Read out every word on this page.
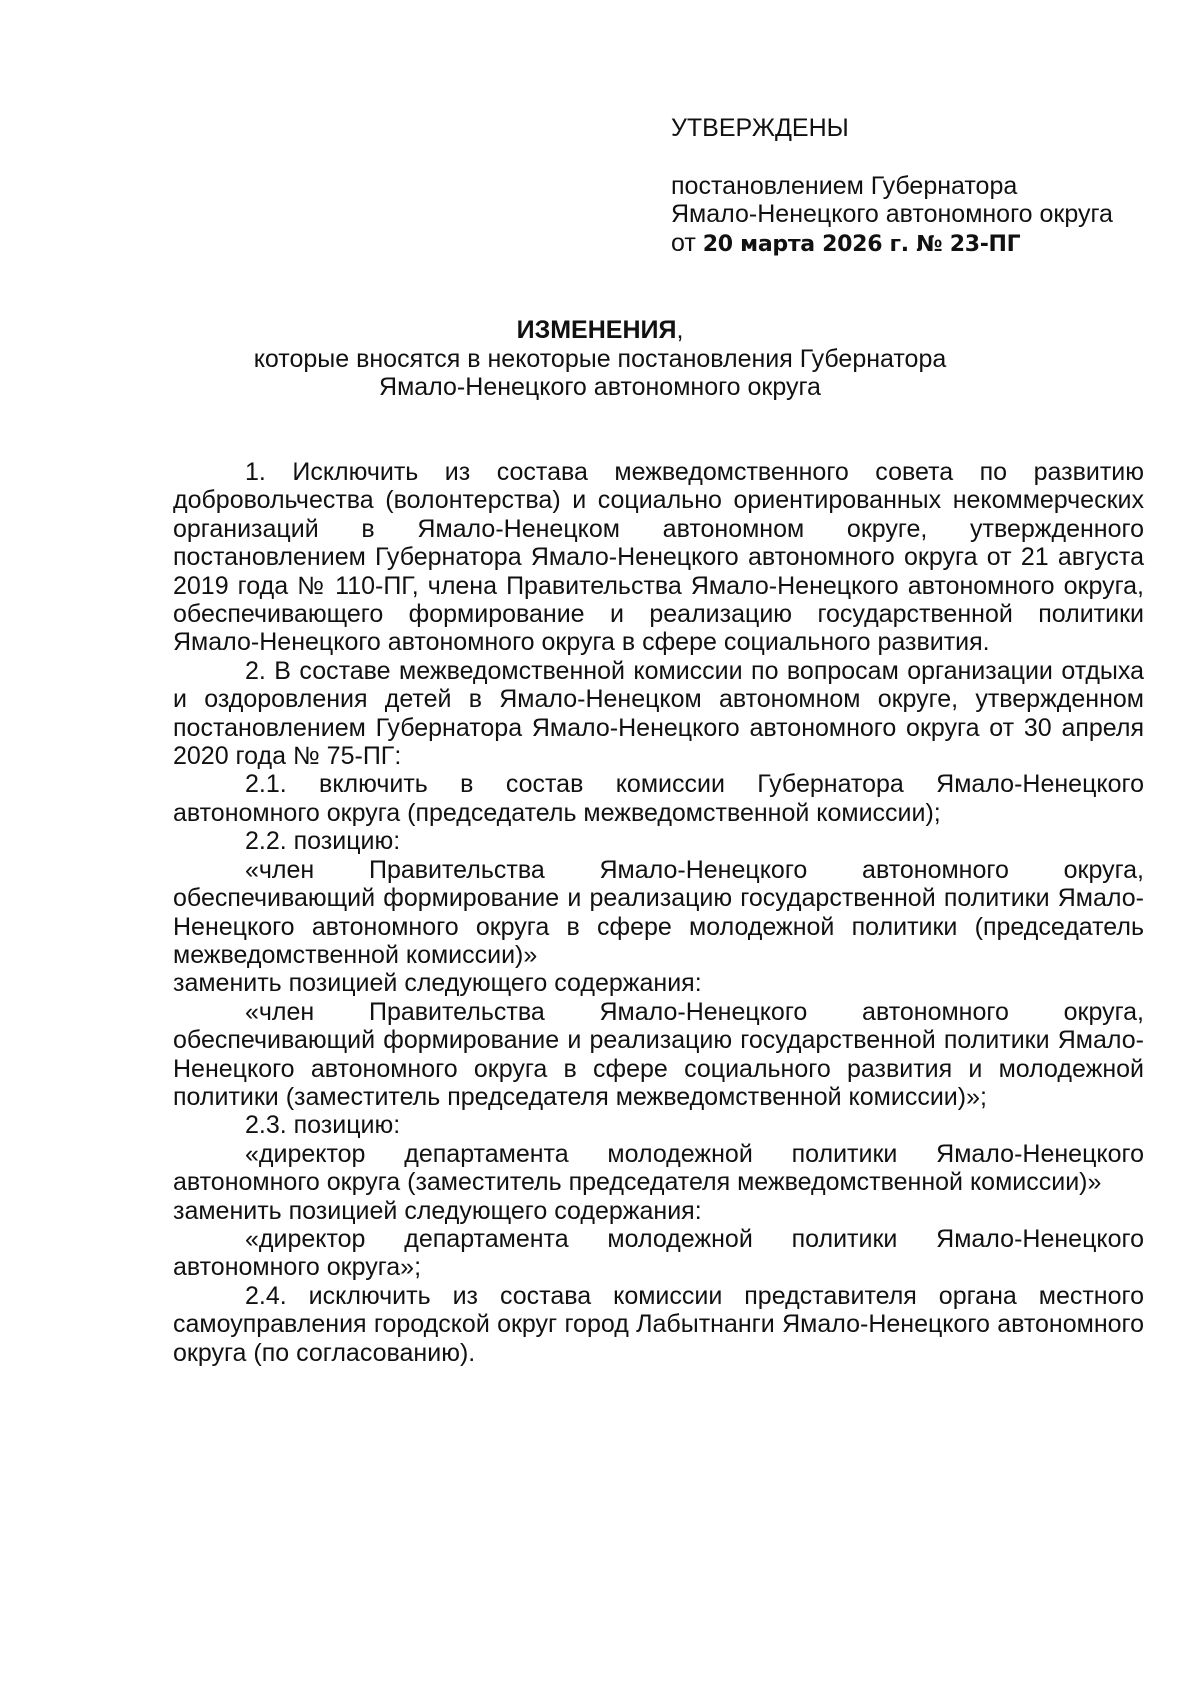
УТВЕРЖДЕНЫ
постановлением Губернатора
Ямало-Ненецкого автономного округа
от 20 марта 2026 г. № 23-ПГ
ИЗМЕНЕНИЯ,
которые вносятся в некоторые постановления Губернатора
Ямало-Ненецкого автономного округа

1. Исключить из состава межведомственного совета по развитию добровольчества (волонтерства) и социально ориентированных некоммерческих организаций в Ямало-Ненецком автономном округе, утвержденного постановлением Губернатора Ямало-Ненецкого автономного округа от 21 августа 2019 года № 110-ПГ, члена Правительства Ямало-Ненецкого автономного округа, обеспечивающего формирование и реализацию государственной политики Ямало-Ненецкого автономного округа в сфере социального развития.

2. В составе межведомственной комиссии по вопросам организации отдыха и оздоровления детей в Ямало-Ненецком автономном округе, утвержденном постановлением Губернатора Ямало-Ненецкого автономного округа от 30 апреля 2020 года № 75-ПГ:

2.1. включить в состав комиссии Губернатора Ямало-Ненецкого автономного округа (председатель межведомственной комиссии);

2.2. позицию:

«член Правительства Ямало-Ненецкого автономного округа, обеспечивающий формирование и реализацию государственной политики Ямало-Ненецкого автономного округа в сфере молодежной политики (председатель межведомственной комиссии)»

заменить позицией следующего содержания:

«член Правительства Ямало-Ненецкого автономного округа, обеспечивающий формирование и реализацию государственной политики Ямало-Ненецкого автономного округа в сфере социального развития и молодежной политики (заместитель председателя межведомственной комиссии)»;

2.3. позицию:

«директор департамента молодежной политики Ямало-Ненецкого автономного округа (заместитель председателя межведомственной комиссии)»

заменить позицией следующего содержания:

«директор департамента молодежной политики Ямало-Ненецкого автономного округа»;

2.4. исключить из состава комиссии представителя органа местного самоуправления городской округ город Лабытнанги Ямало-Ненецкого автономного округа (по согласованию).
